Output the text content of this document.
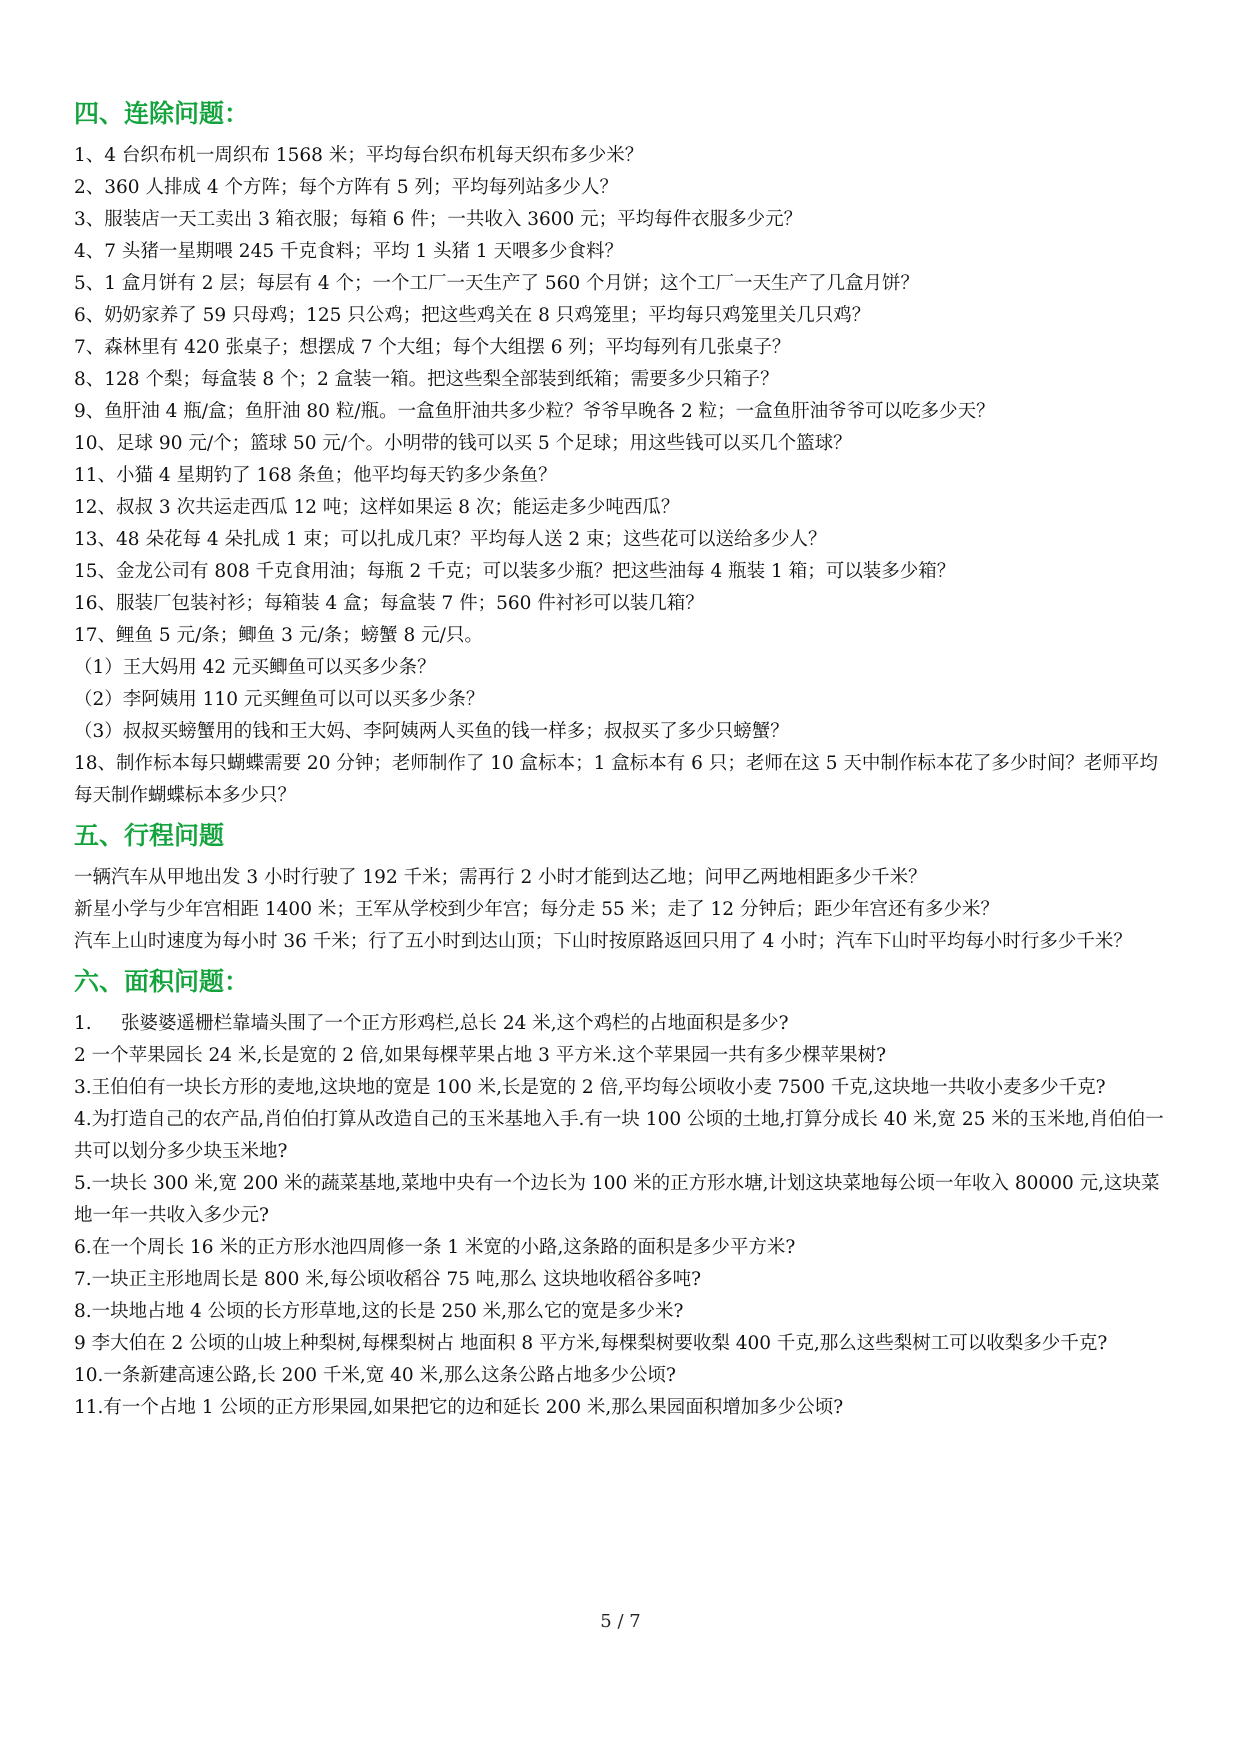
四、连除问题：

1、4 台织布机一周织布 1568 米；平均每台织布机每天织布多少米？

2、360 人排成 4 个方阵；每个方阵有 5 列；平均每列站多少人？

3、服装店一天工卖出 3 箱衣服；每箱 6 件；一共收入 3600 元；平均每件衣服多少元？

4、7 头猪一星期喂 245 千克食料；平均 1 头猪 1 天喂多少食料？

5、1 盒月饼有 2 层；每层有 4 个；一个工厂一天生产了 560 个月饼；这个工厂一天生产了几盒月饼？

6、奶奶家养了 59 只母鸡；125 只公鸡；把这些鸡关在 8 只鸡笼里；平均每只鸡笼里关几只鸡？

7、森林里有 420 张桌子；想摆成 7 个大组；每个大组摆 6 列；平均每列有几张桌子？

8、128 个梨；每盒装 8 个；2 盒装一箱。把这些梨全部装到纸箱；需要多少只箱子？

9、鱼肝油 4 瓶/盒；鱼肝油 80 粒/瓶。一盒鱼肝油共多少粒？爷爷早晚各 2 粒；一盒鱼肝油爷爷可以吃多少天？

10、足球 90 元/个；篮球 50 元/个。小明带的钱可以买 5 个足球；用这些钱可以买几个篮球？

11、小猫 4 星期钓了 168 条鱼；他平均每天钓多少条鱼？

12、叔叔 3 次共运走西瓜 12 吨；这样如果运 8 次；能运走多少吨西瓜？

13、48 朵花每 4 朵扎成 1 束；可以扎成几束？平均每人送 2 束；这些花可以送给多少人？

15、金龙公司有 808 千克食用油；每瓶 2 千克；可以装多少瓶？把这些油每 4 瓶装 1 箱；可以装多少箱？

16、服装厂包装衬衫；每箱装 4 盒；每盒装 7 件；560 件衬衫可以装几箱？

17、鲤鱼 5 元/条；鲫鱼 3 元/条；螃蟹 8 元/只。

（1）王大妈用 42 元买鲫鱼可以买多少条？

（2）李阿姨用 110 元买鲤鱼可以可以买多少条？

（3）叔叔买螃蟹用的钱和王大妈、李阿姨两人买鱼的钱一样多；叔叔买了多少只螃蟹？

18、制作标本每只蝴蝶需要 20 分钟；老师制作了 10 盒标本；1 盒标本有 6 只；老师在这 5 天中制作标本花了多少时间？老师平均每天制作蝴蝶标本多少只？

五、行程问题

一辆汽车从甲地出发 3 小时行驶了 192 千米；需再行 2 小时才能到达乙地；问甲乙两地相距多少千米？

新星小学与少年宫相距 1400 米；王军从学校到少年宫；每分走 55 米；走了 12 分钟后；距少年宫还有多少米？

汽车上山时速度为每小时 36 千米；行了五小时到达山顶；下山时按原路返回只用了 4 小时；汽车下山时平均每小时行多少千米？

六、面积问题：

1.     张婆婆遥栅栏靠墙头围了一个正方形鸡栏,总长 24 米,这个鸡栏的占地面积是多少?

2 一个苹果园长 24 米,长是宽的 2 倍,如果每棵苹果占地 3 平方米.这个苹果园一共有多少棵苹果树?

3.王伯伯有一块长方形的麦地,这块地的宽是 100 米,长是宽的 2 倍,平均每公顷收小麦 7500 千克,这块地一共收小麦多少千克?

4.为打造自己的农产品,肖伯伯打算从改造自己的玉米基地入手.有一块 100 公顷的土地,打算分成长 40 米,宽 25 米的玉米地,肖伯伯一共可以划分多少块玉米地?

5.一块长 300 米,宽 200 米的蔬菜基地,菜地中央有一个边长为 100 米的正方形水塘,计划这块菜地每公顷一年收入 80000 元,这块菜地一年一共收入多少元?

6.在一个周长 16 米的正方形水池四周修一条 1 米宽的小路,这条路的面积是多少平方米?

7.一块正主形地周长是 800 米,每公顷收稻谷 75 吨,那么 这块地收稻谷多吨?

8.一块地占地 4 公顷的长方形草地,这的长是 250 米,那么它的宽是多少米?

9 李大伯在 2 公顷的山坡上种梨树,每棵梨树占 地面积 8 平方米,每棵梨树要收梨 400 千克,那么这些梨树工可以收梨多少千克?

10.一条新建高速公路,长 200 千米,宽 40 米,那么这条公路占地多少公顷?

11.有一个占地 1 公顷的正方形果园,如果把它的边和延长 200 米,那么果园面积增加多少公顷?

5 / 7
